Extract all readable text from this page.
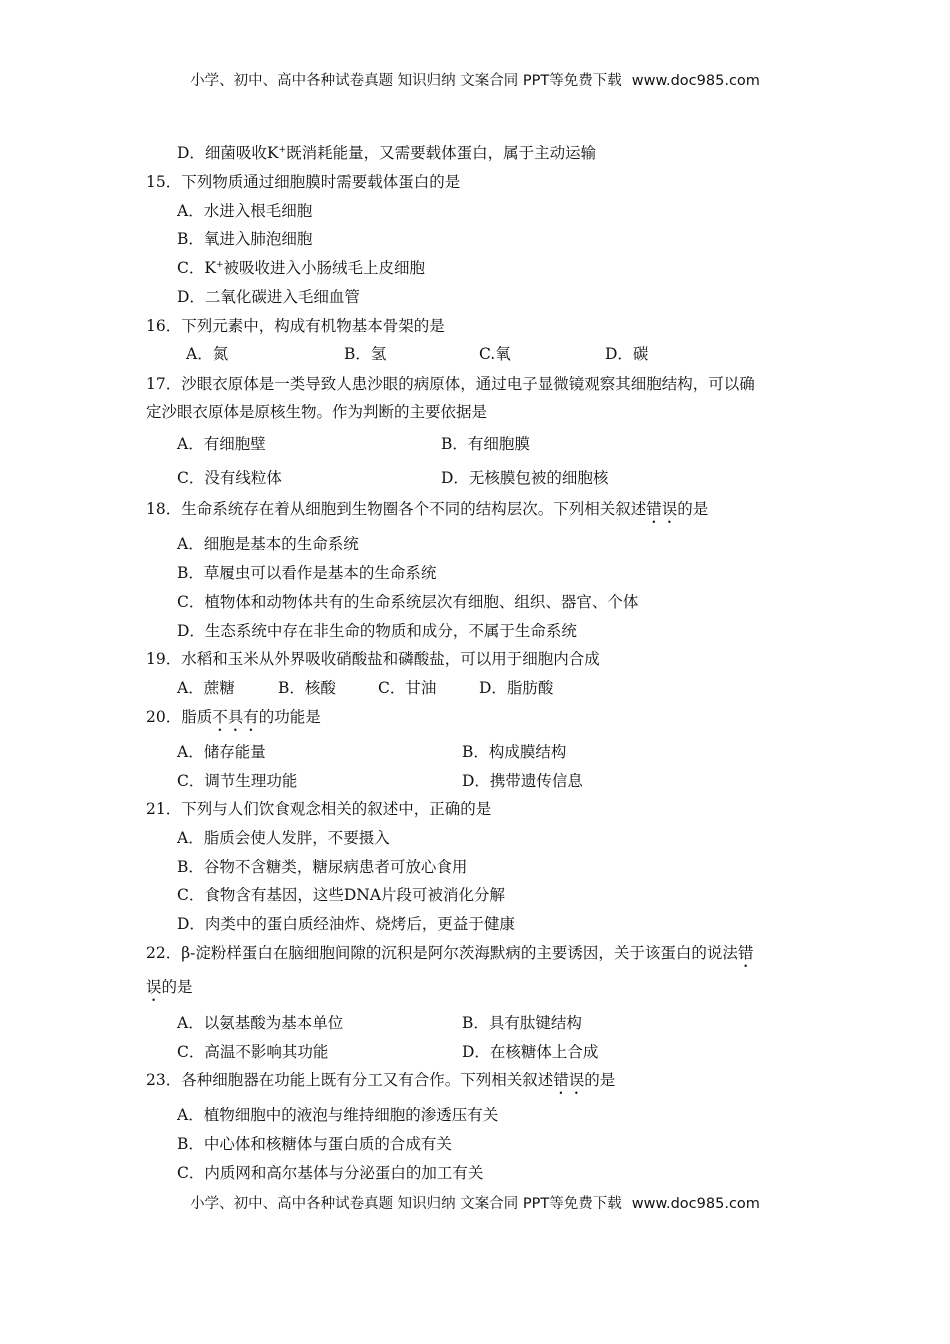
小学、初中、高中各种试卷真题 知识归纳 文案合同 PPT等免费下载 www.doc985.com
D．细菌吸收K+既消耗能量，又需要载体蛋白，属于主动运输
15．下列物质通过细胞膜时需要载体蛋白的是
A．水进入根毛细胞
B．氧进入肺泡细胞
C．K+被吸收进入小肠绒毛上皮细胞
D．二氧化碳进入毛细血管
16．下列元素中，构成有机物基本骨架的是
A．氮	B．氢	C.氧	D．碳
17．沙眼衣原体是一类导致人患沙眼的病原体，通过电子显微镜观察其细胞结构，可以确
定沙眼衣原体是原核生物。作为判断的主要依据是
A．有细胞壁	B．有细胞膜
C．没有线粒体	D．无核膜包被的细胞核
18．生命系统存在着从细胞到生物圈各个不同的结构层次。下列相关叙述错误的是
A．细胞是基本的生命系统
B．草履虫可以看作是基本的生命系统
C．植物体和动物体共有的生命系统层次有细胞、组织、器官、个体
D．生态系统中存在非生命的物质和成分，不属于生命系统
19．水稻和玉米从外界吸收硝酸盐和磷酸盐，可以用于细胞内合成
A．蔗糖	B．核酸	C．甘油	D．脂肪酸
20．脂质不具有的功能是
A．储存能量	B．构成膜结构
C．调节生理功能	D．携带遗传信息
21．下列与人们饮食观念相关的叙述中，正确的是
A．脂质会使人发胖，不要摄入
B．谷物不含糖类，糖尿病患者可放心食用
C．食物含有基因，这些DNA片段可被消化分解
D．肉类中的蛋白质经油炸、烧烤后，更益于健康
22．β-淀粉样蛋白在脑细胞间隙的沉积是阿尔茨海默病的主要诱因，关于该蛋白的说法错
误的是
A．以氨基酸为基本单位	B．具有肽键结构
C．高温不影响其功能	D．在核糖体上合成
23．各种细胞器在功能上既有分工又有合作。下列相关叙述错误的是
A．植物细胞中的液泡与维持细胞的渗透压有关
B．中心体和核糖体与蛋白质的合成有关
C．内质网和高尔基体与分泌蛋白的加工有关
小学、初中、高中各种试卷真题 知识归纳 文案合同 PPT等免费下载 www.doc985.com
